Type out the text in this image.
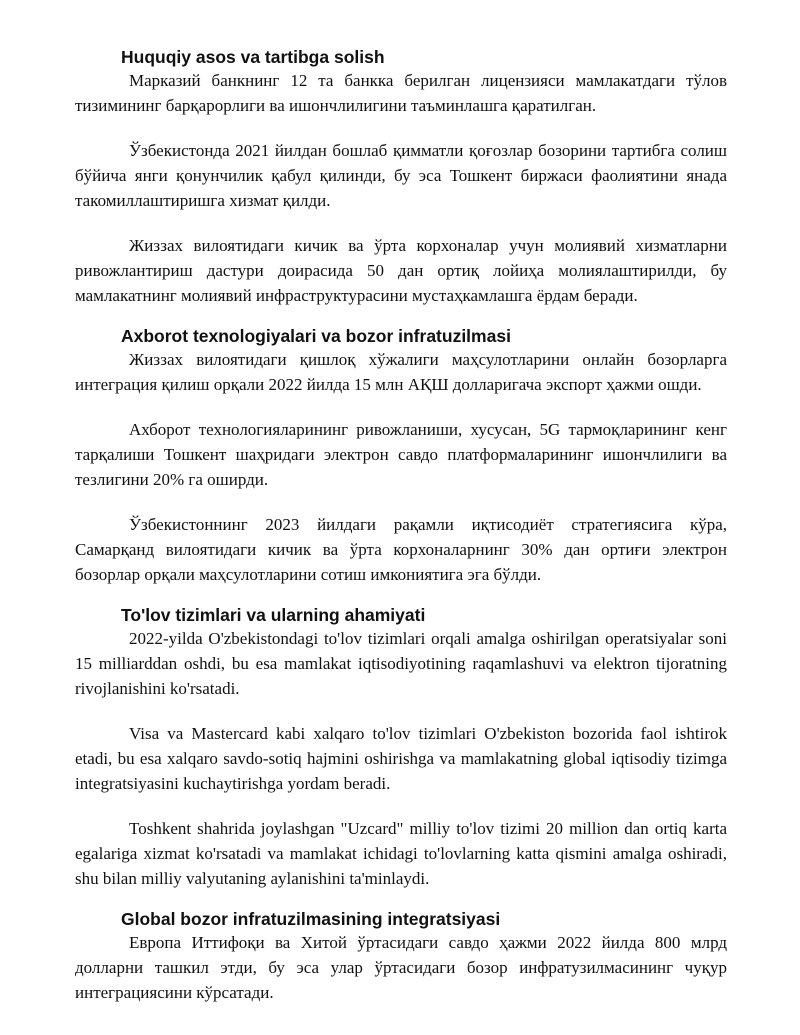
Huquqiy asos va tartibga solish

Марказий банкнинг 12 та банкка берилган лицензияси мамлакатдаги тўлов тизимининг барқарорлиги ва ишончлилигини таъминлашга қаратилган.

Ўзбекистонда 2021 йилдан бошлаб қимматли қоғозлар бозорини тартибга солиш бўйича янги қонунчилик қабул қилинди, бу эса Тошкент биржаси фаолиятини янада такомиллаштиришга хизмат қилди.

Жиззах вилоятидаги кичик ва ўрта корхоналар учун молиявий хизматларни ривожлантириш дастури доирасида 50 дан ортиқ лойиҳа молиялаштирилди, бу мамлакатнинг молиявий инфраструктурасини мустаҳкамлашга ёрдам беради.

Axborot texnologiyalari va bozor infratuzilmasi

Жиззах вилоятидаги қишлоқ хўжалиги маҳсулотларини онлайн бозорларга интеграция қилиш орқали 2022 йилда 15 млн АҚШ долларигача экспорт ҳажми ошди.

Ахборот технологияларининг ривожланиши, хусусан, 5G тармоқларининг кенг тарқалиши Тошкент шаҳридаги электрон савдо платформаларининг ишончлилиги ва тезлигини 20% га оширди.

Ўзбекистоннинг 2023 йилдаги рақамли иқтисодиёт стратегиясига кўра, Самарқанд вилоятидаги кичик ва ўрта корхоналарнинг 30% дан ортиғи электрон бозорлар орқали маҳсулотларини сотиш имкониятига эга бўлди.

To'lov tizimlari va ularning ahamiyati

2022-yilda O'zbekistondagi to'lov tizimlari orqali amalga oshirilgan operatsiyalar soni 15 milliarddan oshdi, bu esa mamlakat iqtisodiyotining raqamlashuvi va elektron tijoratning rivojlanishini ko'rsatadi.

Visa va Mastercard kabi xalqaro to'lov tizimlari O'zbekiston bozorida faol ishtirok etadi, bu esa xalqaro savdo-sotiq hajmini oshirishga va mamlakatning global iqtisodiy tizimga integratsiyasini kuchaytirishga yordam beradi.

Toshkent shahrida joylashgan "Uzcard" milliy to'lov tizimi 20 million dan ortiq karta egalariga xizmat ko'rsatadi va mamlakat ichidagi to'lovlarning katta qismini amalga oshiradi, shu bilan milliy valyutaning aylanishini ta'minlaydi.

Global bozor infratuzilmasining integratsiyasi

Европа Иттифоқи ва Хитой ўртасидаги савдо ҳажми 2022 йилда 800 млрд долларни ташкил этди, бу эса улар ўртасидаги бозор инфратузилмасининг чуқур интеграциясини кўрсатади.
